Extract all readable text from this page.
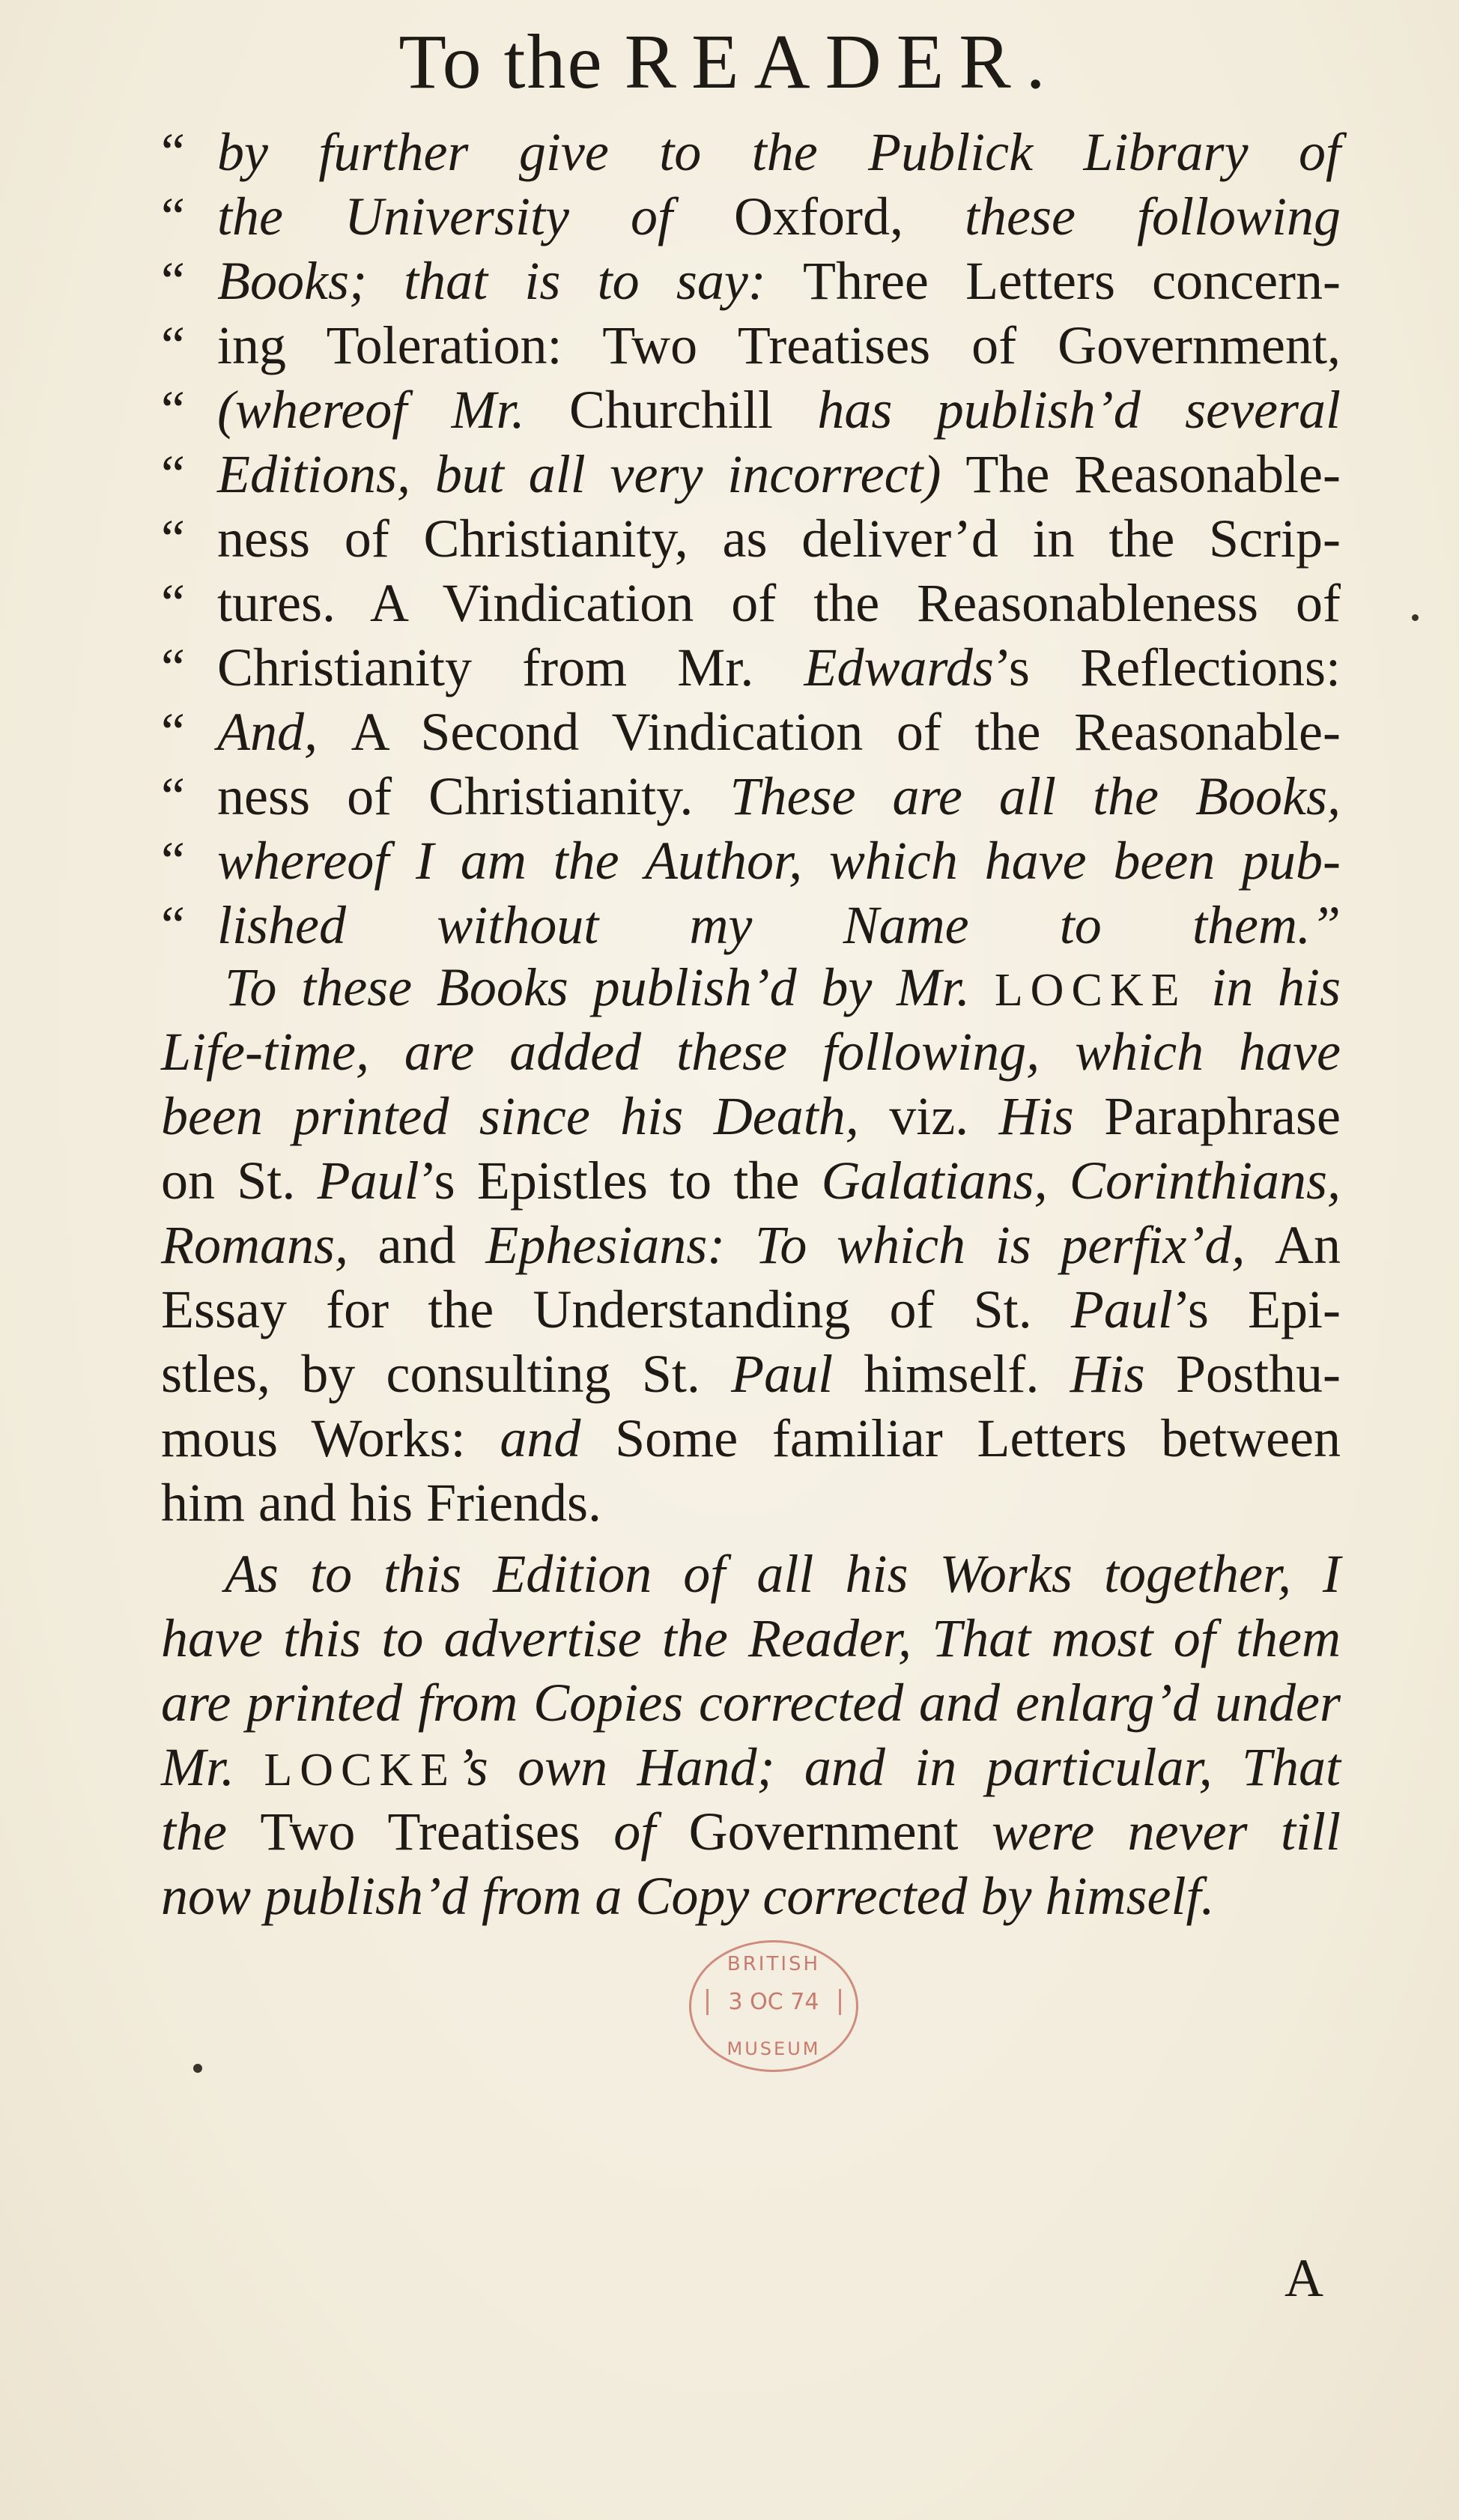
To the READER.
“ by further give to the Publick Library of
“ the University of Oxford, these following
“ Books; that is to say: Three Letters concern-
“ ing Toleration: Two Treatises of Government,
“ (whereof Mr. Churchill has publish’d several
“ Editions, but all very incorrect) The Reasonable-
“ ness of Christianity, as deliver’d in the Scrip-
“ tures. A Vindication of the Reasonableness of
“ Christianity from Mr. Edwards’s Reflections:
“ And, A Second Vindication of the Reasonable-
“ ness of Christianity. These are all the Books,
“ whereof I am the Author, which have been pub-
“ lished without my Name to them.”
To these Books publish’d by Mr. LOCKE in his
Life-time, are added these following, which have
been printed since his Death, viz. His Paraphrase
on St. Paul’s Epistles to the Galatians, Corinthians,
Romans, and Ephesians: To which is perfix’d, An
Essay for the Understanding of St. Paul’s Epi-
stles, by consulting St. Paul himself. His Posthu-
mous Works: and Some familiar Letters between
him and his Friends.
As to this Edition of all his Works together, I
have this to advertise the Reader, That most of them
are printed from Copies corrected and enlarg’d under
Mr. LOCKE’s own Hand; and in particular, That
the Two Treatises of Government were never till
now publish’d from a Copy corrected by himself.
BRITISH
3 OC 74
MUSEUM
A
